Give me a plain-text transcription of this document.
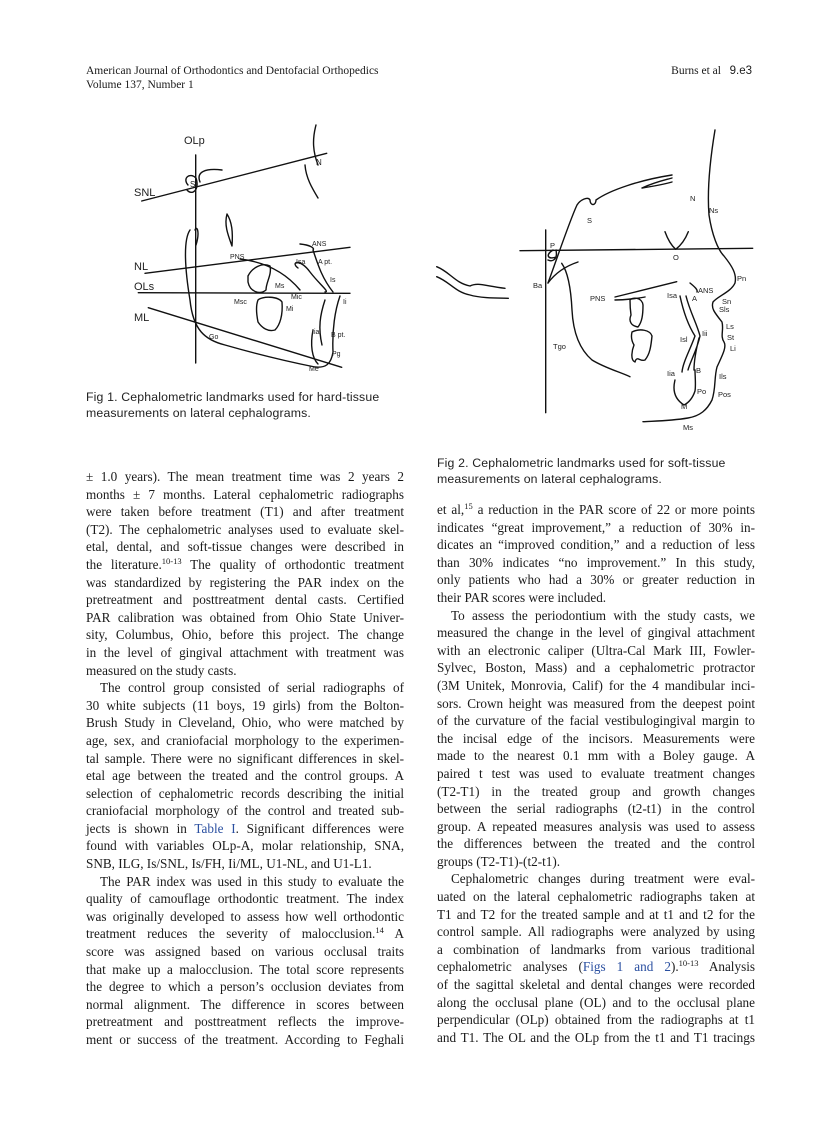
American Journal of Orthodontics and Dentofacial Orthopedics
Volume 137, Number 1
Burns et al 9.e3
OLp
SNL
NL
OLs
ML
N
S
PNS
ANS
Isa A pt.
Is
Ii
Ms
Msc
Mic
Mi
Iia B pt.
Pg
Me
Go
P
S
O
N
Ns
Pn
Ba
PNS	Isa
ANS
A	Sn
Sls
Ls
St
Li
Isl
Iii
Tgo
Iia	B
Ils
Po Pos
M
Ms
Fig 1. Cephalometric landmarks used for hard-tissue
measurements on lateral cephalograms.
Fig 2. Cephalometric landmarks used for soft-tissue
measurements on lateral cephalograms.
± 1.0 years). The mean treatment time was 2 years 2
months ± 7 months. Lateral cephalometric radiographs
were taken before treatment (T1) and after treatment
(T2). The cephalometric analyses used to evaluate skel-
etal, dental, and soft-tissue changes were described in
the literature.$^{10-13}$ The quality of orthodontic treatment
was standardized by registering the PAR index on the
pretreatment and posttreatment dental casts. Certified
PAR calibration was obtained from Ohio State Univer-
sity, Columbus, Ohio, before this project. The change
in the level of gingival attachment with treatment was
measured on the study casts.
The control group consisted of serial radiographs of
30 white subjects (11 boys, 19 girls) from the Bolton-
Brush Study in Cleveland, Ohio, who were matched by
age, sex, and craniofacial morphology to the experimen-
tal sample. There were no significant differences in skel-
etal age between the treated and the control groups. A
selection of cephalometric records describing the initial
craniofacial morphology of the control and treated sub-
jects is shown in Table I. Significant differences were
found with variables OLp-A, molar relationship, SNA,
SNB, ILG, Is/SNL, Is/FH, Ii/ML, U1-NL, and U1-L1.
The PAR index was used in this study to evaluate the
quality of camouflage orthodontic treatment. The index
was originally developed to assess how well orthodontic
treatment reduces the severity of malocclusion.$^{14}$ A
score was assigned based on various occlusal traits
that make up a malocclusion. The total score represents
the degree to which a person’s occlusion deviates from
normal alignment. The difference in scores between
pretreatment and posttreatment reflects the improve-
ment or success of the treatment. According to Feghali
et al,$^{15}$ a reduction in the PAR score of 22 or more points
indicates “great improvement,” a reduction of 30% in-
dicates an “improved condition,” and a reduction of less
than 30% indicates “no improvement.” In this study,
only patients who had a 30% or greater reduction in
their PAR scores were included.
To assess the periodontium with the study casts, we
measured the change in the level of gingival attachment
with an electronic caliper (Ultra-Cal Mark III, Fowler-
Sylvec, Boston, Mass) and a cephalometric protractor
(3M Unitek, Monrovia, Calif) for the 4 mandibular inci-
sors. Crown height was measured from the deepest point
of the curvature of the facial vestibulogingival margin to
the incisal edge of the incisors. Measurements were
made to the nearest 0.1 mm with a Boley gauge. A
paired t test was used to evaluate treatment changes
(T2-T1) in the treated group and growth changes
between the serial radiographs (t2-t1) in the control
group. A repeated measures analysis was used to assess
the differences between the treated and the control
groups (T2-T1)-(t2-t1).
Cephalometric changes during treatment were eval-
uated on the lateral cephalometric radiographs taken at
T1 and T2 for the treated sample and at t1 and t2 for the
control sample. All radiographs were analyzed by using
a combination of landmarks from various traditional
cephalometric analyses (Figs 1 and 2).$^{10-13}$ Analysis
of the sagittal skeletal and dental changes were recorded
along the occlusal plane (OL) and to the occlusal plane
perpendicular (OLp) obtained from the radiographs at t1
and T1. The OL and the OLp from the t1 and T1 tracings
